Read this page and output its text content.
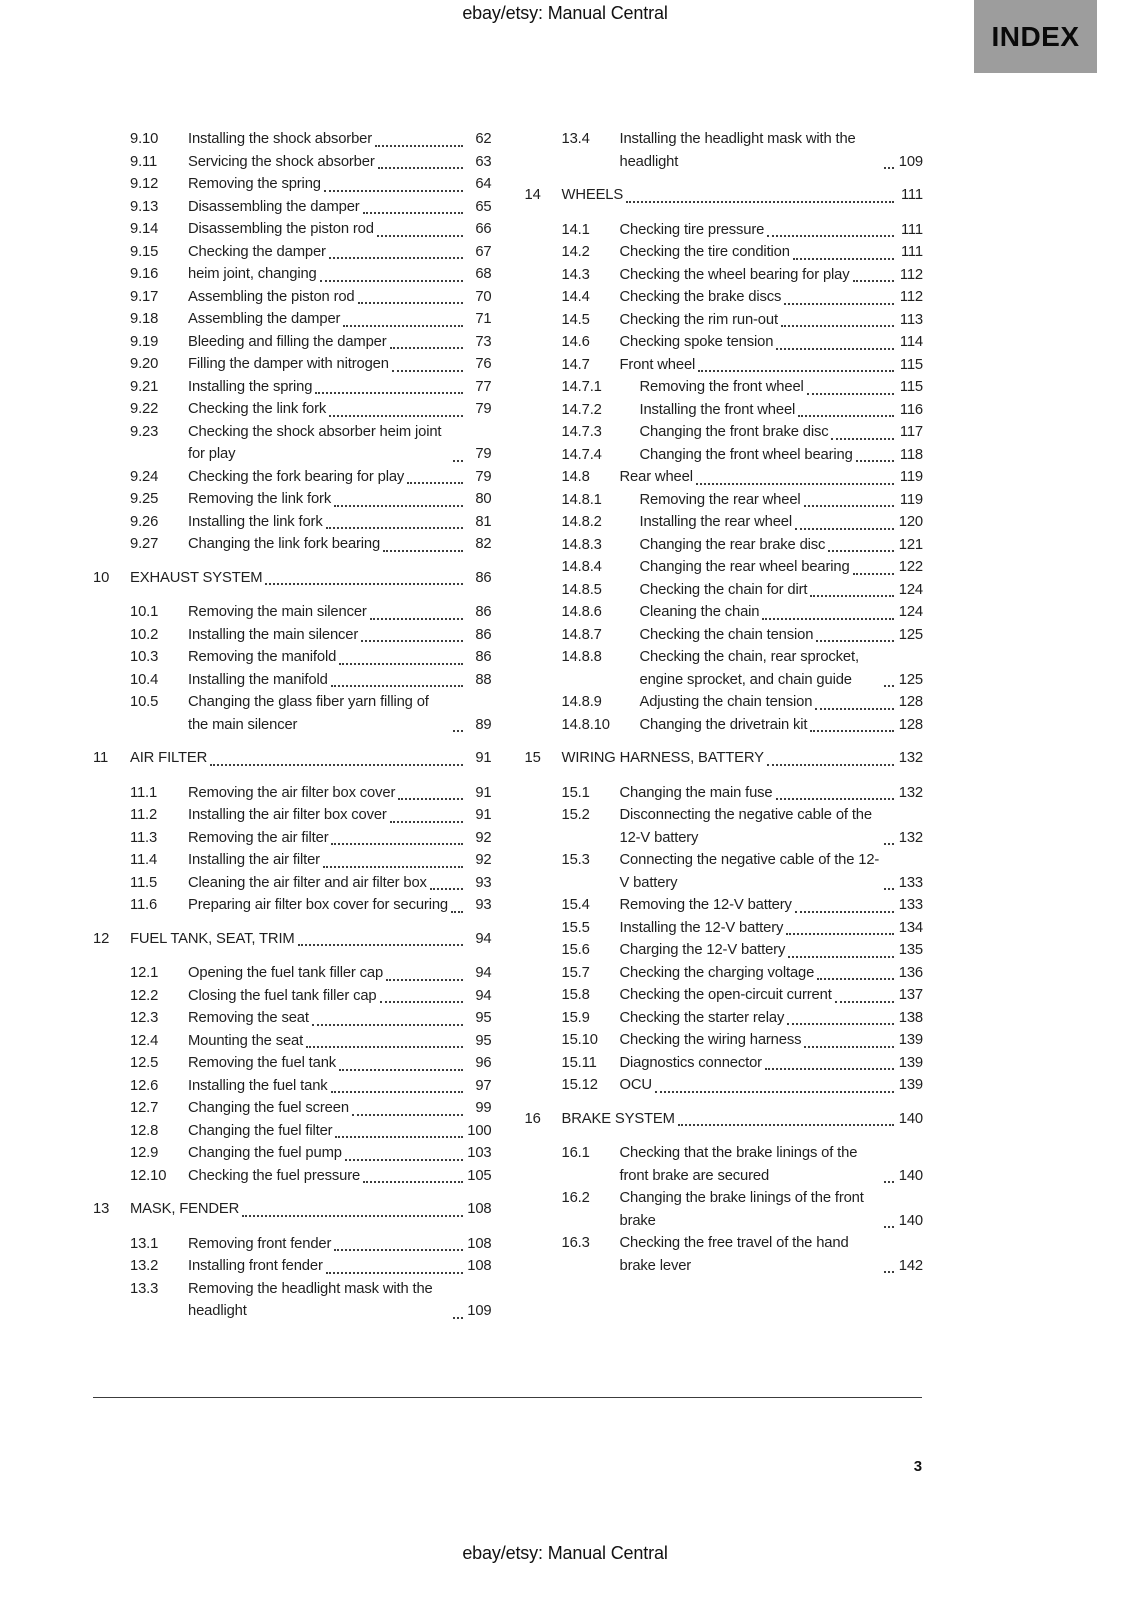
ebay/etsy: Manual Central
INDEX
9.10	Installing the shock absorber	62
9.11	Servicing the shock absorber	63
9.12	Removing the spring	64
9.13	Disassembling the damper	65
9.14	Disassembling the piston rod	66
9.15	Checking the damper	67
9.16	heim joint, changing	68
9.17	Assembling the piston rod	70
9.18	Assembling the damper	71
9.19	Bleeding and filling the damper	73
9.20	Filling the damper with nitrogen	76
9.21	Installing the spring	77
9.22	Checking the link fork	79
9.23	Checking the shock absorber heim joint for play	79
9.24	Checking the fork bearing for play	79
9.25	Removing the link fork	80
9.26	Installing the link fork	81
9.27	Changing the link fork bearing	82
10	EXHAUST SYSTEM	86
10.1	Removing the main silencer	86
10.2	Installing the main silencer	86
10.3	Removing the manifold	86
10.4	Installing the manifold	88
10.5	Changing the glass fiber yarn filling of the main silencer	89
11	AIR FILTER	91
11.1	Removing the air filter box cover	91
11.2	Installing the air filter box cover	91
11.3	Removing the air filter	92
11.4	Installing the air filter	92
11.5	Cleaning the air filter and air filter box	93
11.6	Preparing air filter box cover for securing	93
12	FUEL TANK, SEAT, TRIM	94
12.1	Opening the fuel tank filler cap	94
12.2	Closing the fuel tank filler cap	94
12.3	Removing the seat	95
12.4	Mounting the seat	95
12.5	Removing the fuel tank	96
12.6	Installing the fuel tank	97
12.7	Changing the fuel screen	99
12.8	Changing the fuel filter	100
12.9	Changing the fuel pump	103
12.10	Checking the fuel pressure	105
13	MASK, FENDER	108
13.1	Removing front fender	108
13.2	Installing front fender	108
13.3	Removing the headlight mask with the headlight	109
13.4	Installing the headlight mask with the headlight	109
14	WHEELS	111
14.1	Checking tire pressure	111
14.2	Checking the tire condition	111
14.3	Checking the wheel bearing for play	112
14.4	Checking the brake discs	112
14.5	Checking the rim run-out	113
14.6	Checking spoke tension	114
14.7	Front wheel	115
14.7.1	Removing the front wheel	115
14.7.2	Installing the front wheel	116
14.7.3	Changing the front brake disc	117
14.7.4	Changing the front wheel bearing	118
14.8	Rear wheel	119
14.8.1	Removing the rear wheel	119
14.8.2	Installing the rear wheel	120
14.8.3	Changing the rear brake disc	121
14.8.4	Changing the rear wheel bearing	122
14.8.5	Checking the chain for dirt	124
14.8.6	Cleaning the chain	124
14.8.7	Checking the chain tension	125
14.8.8	Checking the chain, rear sprocket, engine sprocket, and chain guide	125
14.8.9	Adjusting the chain tension	128
14.8.10	Changing the drivetrain kit	128
15	WIRING HARNESS, BATTERY	132
15.1	Changing the main fuse	132
15.2	Disconnecting the negative cable of the 12-V battery	132
15.3	Connecting the negative cable of the 12-V battery	133
15.4	Removing the 12-V battery	133
15.5	Installing the 12-V battery	134
15.6	Charging the 12-V battery	135
15.7	Checking the charging voltage	136
15.8	Checking the open-circuit current	137
15.9	Checking the starter relay	138
15.10	Checking the wiring harness	139
15.11	Diagnostics connector	139
15.12	OCU	139
16	BRAKE SYSTEM	140
16.1	Checking that the brake linings of the front brake are secured	140
16.2	Changing the brake linings of the front brake	140
16.3	Checking the free travel of the hand brake lever	142
3
ebay/etsy: Manual Central
